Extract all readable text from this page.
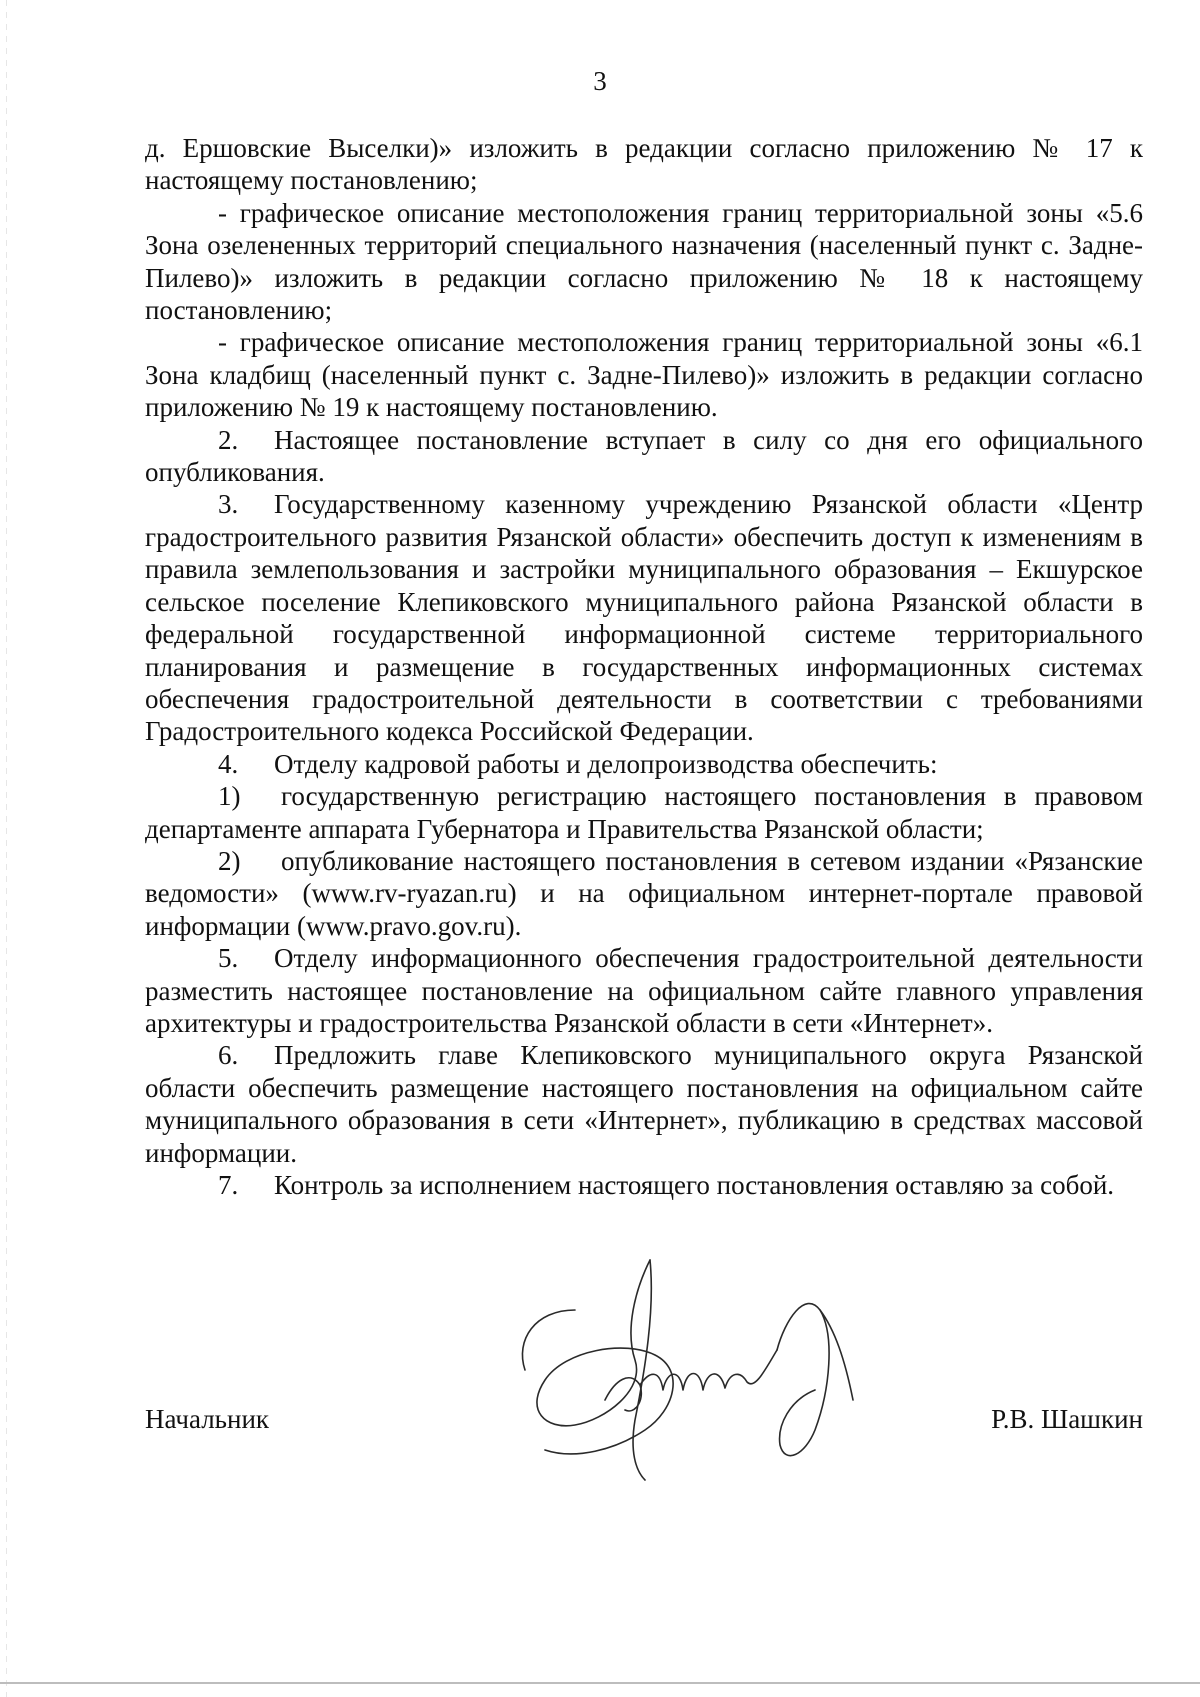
3

д. Ершовские Выселки)» изложить в редакции согласно приложению № 17 к настоящему постановлению;

- графическое описание местоположения границ территориальной зоны «5.6 Зона озелененных территорий специального назначения (населенный пункт с. Задне-Пилево)» изложить в редакции согласно приложению № 18 к настоящему постановлению;

- графическое описание местоположения границ территориальной зоны «6.1 Зона кладбищ (населенный пункт с. Задне-Пилево)» изложить в редакции согласно приложению № 19 к настоящему постановлению.

2. Настоящее постановление вступает в силу со дня его официального опубликования.

3. Государственному казенному учреждению Рязанской области «Центр градостроительного развития Рязанской области» обеспечить доступ к изменениям в правила землепользования и застройки муниципального образования – Екшурское сельское поселение Клепиковского муниципального района Рязанской области в федеральной государственной информационной системе территориального планирования и размещение в государственных информационных системах обеспечения градостроительной деятельности в соответствии с требованиями Градостроительного кодекса Российской Федерации.

4. Отделу кадровой работы и делопроизводства обеспечить:

1) государственную регистрацию настоящего постановления в правовом департаменте аппарата Губернатора и Правительства Рязанской области;

2) опубликование настоящего постановления в сетевом издании «Рязанские ведомости» (www.rv-ryazan.ru) и на официальном интернет-портале правовой информации (www.pravo.gov.ru).

5. Отделу информационного обеспечения градостроительной деятельности разместить настоящее постановление на официальном сайте главного управления архитектуры и градостроительства Рязанской области в сети «Интернет».

6. Предложить главе Клепиковского муниципального округа Рязанской области обеспечить размещение настоящего постановления на официальном сайте муниципального образования в сети «Интернет», публикацию в средствах массовой информации.

7. Контроль за исполнением настоящего постановления оставляю за собой.

Начальник	Р.В. Шашкин
